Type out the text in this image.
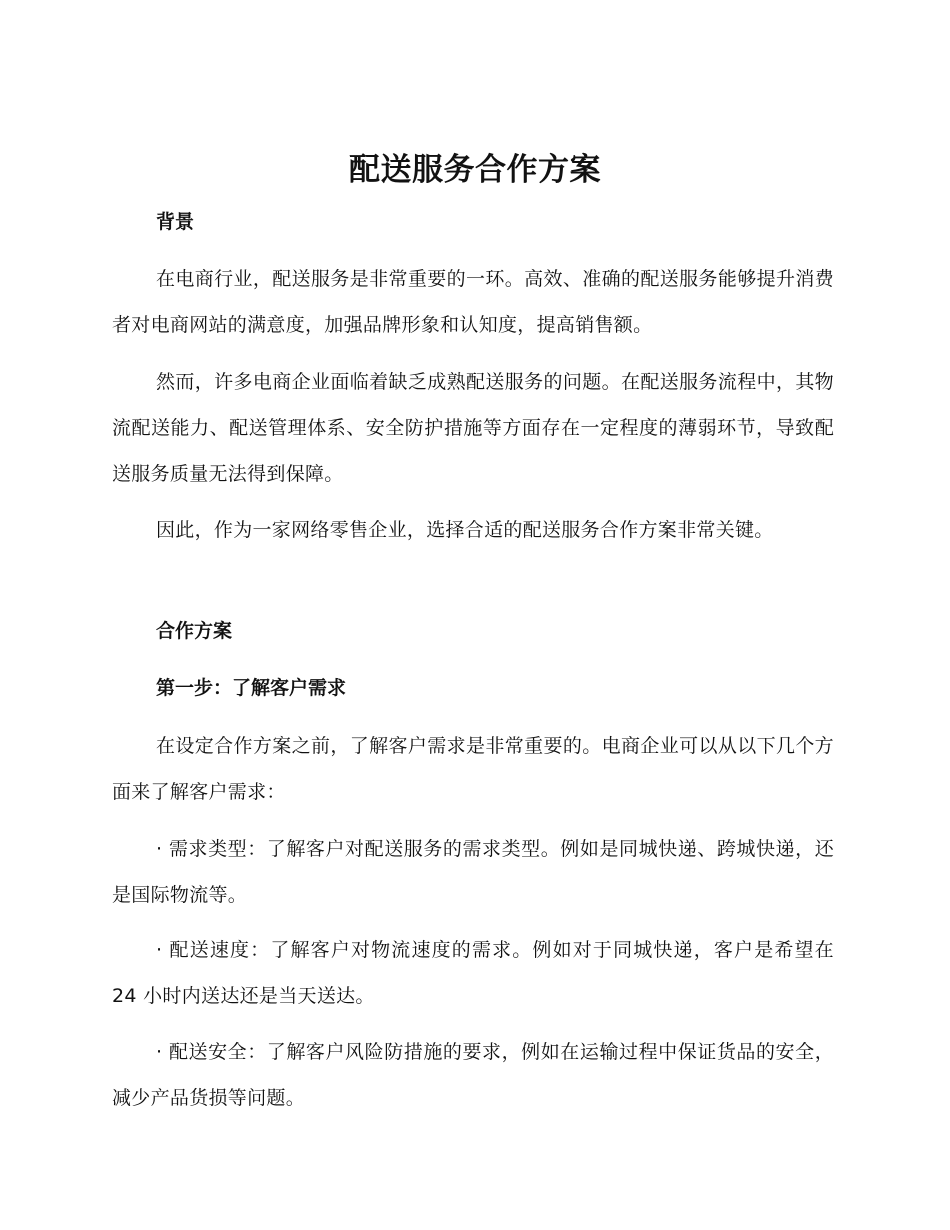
配送服务合作方案
背景

在电商行业，配送服务是非常重要的一环。高效、准确的配送服务能够提升消费者对电商网站的满意度，加强品牌形象和认知度，提高销售额。

然而，许多电商企业面临着缺乏成熟配送服务的问题。在配送服务流程中，其物流配送能力、配送管理体系、安全防护措施等方面存在一定程度的薄弱环节，导致配送服务质量无法得到保障。

因此，作为一家网络零售企业，选择合适的配送服务合作方案非常关键。

合作方案
第一步：了解客户需求

在设定合作方案之前，了解客户需求是非常重要的。电商企业可以从以下几个方面来了解客户需求：

· 需求类型：了解客户对配送服务的需求类型。例如是同城快递、跨城快递，还是国际物流等。

· 配送速度：了解客户对物流速度的需求。例如对于同城快递，客户是希望在 24 小时内送达还是当天送达。

· 配送安全：了解客户风险防措施的要求，例如在运输过程中保证货品的安全，减少产品货损等问题。
